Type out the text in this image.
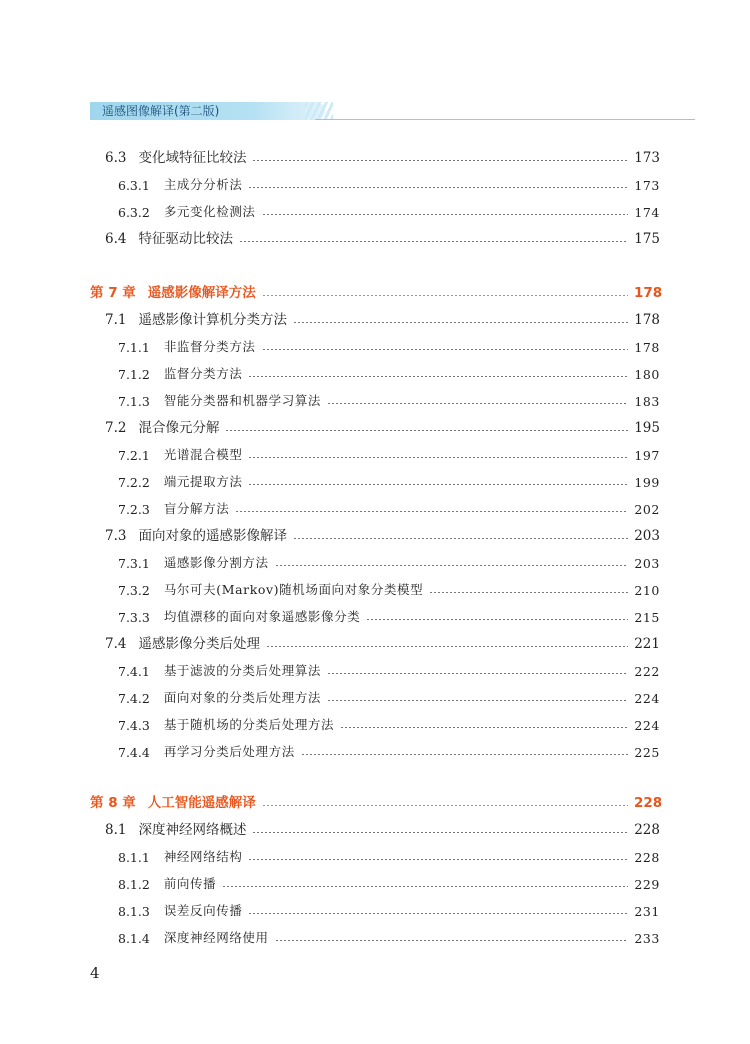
遥感图像解译(第二版)
6.3 变化域特征比较法	173
6.3.1	主成分分析法	173
6.3.2	多元变化检测法	174
6.4 特征驱动比较法	175
第 7 章 遥感影像解译方法	178
7.1 遥感影像计算机分类方法	178
7.1.1	非监督分类方法	178
7.1.2	监督分类方法	180
7.1.3	智能分类器和机器学习算法	183
7.2 混合像元分解	195
7.2.1	光谱混合模型	197
7.2.2	端元提取方法	199
7.2.3	盲分解方法	202
7.3 面向对象的遥感影像解译	203
7.3.1	遥感影像分割方法	203
7.3.2	马尔可夫(Markov)随机场面向对象分类模型	210
7.3.3	均值漂移的面向对象遥感影像分类	215
7.4 遥感影像分类后处理	221
7.4.1	基于滤波的分类后处理算法	222
7.4.2	面向对象的分类后处理方法	224
7.4.3	基于随机场的分类后处理方法	224
7.4.4	再学习分类后处理方法	225
第 8 章 人工智能遥感解译	228
8.1 深度神经网络概述	228
8.1.1	神经网络结构	228
8.1.2	前向传播	229
8.1.3	误差反向传播	231
8.1.4	深度神经网络使用	233
4
